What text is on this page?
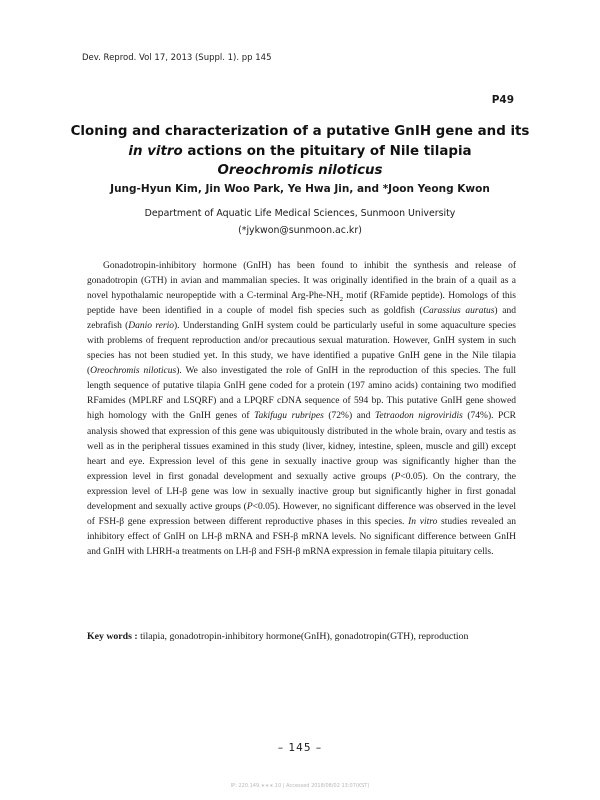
Dev. Reprod. Vol 17, 2013 (Suppl. 1). pp 145
P49
Cloning and characterization of a putative GnIH gene and its
in vitro actions on the pituitary of Nile tilapia
Oreochromis niloticus
Jung-Hyun Kim, Jin Woo Park, Ye Hwa Jin, and *Joon Yeong Kwon
Department of Aquatic Life Medical Sciences, Sunmoon University
(*jykwon@sunmoon.ac.kr)

Gonadotropin-inhibitory hormone (GnIH) has been found to inhibit the synthesis and release of gonadotropin (GTH) in avian and mammalian species. It was originally identified in the brain of a quail as a novel hypothalamic neuropeptide with a C-terminal Arg-$Phe-NH_2$ motif (RFamide peptide). Homologs of this peptide have been identified in a couple of model fish species such as goldfish (Carassius auratus) and zebrafish (Danio rerio). Understanding GnIH system could be particularly useful in some aquaculture species with problems of frequent reproduction and/or precautious sexual maturation. However, GnIH system in such species has not been studied yet. In this study, we have identified a pupative GnIH gene in the Nile tilapia (Oreochromis niloticus). We also investigated the role of GnIH in the reproduction of this species. The full length sequence of putative tilapia GnIH gene coded for a protein (197 amino acids) containing two modified RFamides (MPLRF and LSQRF) and a LPQRF cDNA sequence of 594 bp. This putative GnIH gene showed high homology with the GnIH genes of Takifugu rubripes (72%) and Tetraodon nigroviridis (74%). PCR analysis showed that expression of this gene was ubiquitously distributed in the whole brain, ovary and testis as well as in the peripheral tissues examined in this study (liver, kidney, intestine, spleen, muscle and gill) except heart and eye. Expression level of this gene in sexually inactive group was significantly higher than the expression level in first gonadal development and sexually active groups (P<0.05). On the contrary, the expression level of LH-β gene was low in sexually inactive group but significantly higher in first gonadal development and sexually active groups (P<0.05). However, no significant difference was observed in the level of FSH-β gene expression between different reproductive phases in this species. In vitro studies revealed an inhibitory effect of GnIH on LH-β mRNA and FSH-β mRNA levels. No significant difference between GnIH and GnIH with LHRH-a treatments on LH-β and FSH-β mRNA expression in female tilapia pituitary cells.

Key words : tilapia, gonadotropin-inhibitory hormone(GnIH), gonadotropin(GTH), reproduction
– 145 –
IP: 220.149.∗∗∗.10 | Accessed 2018/08/02 13:07(KST)
